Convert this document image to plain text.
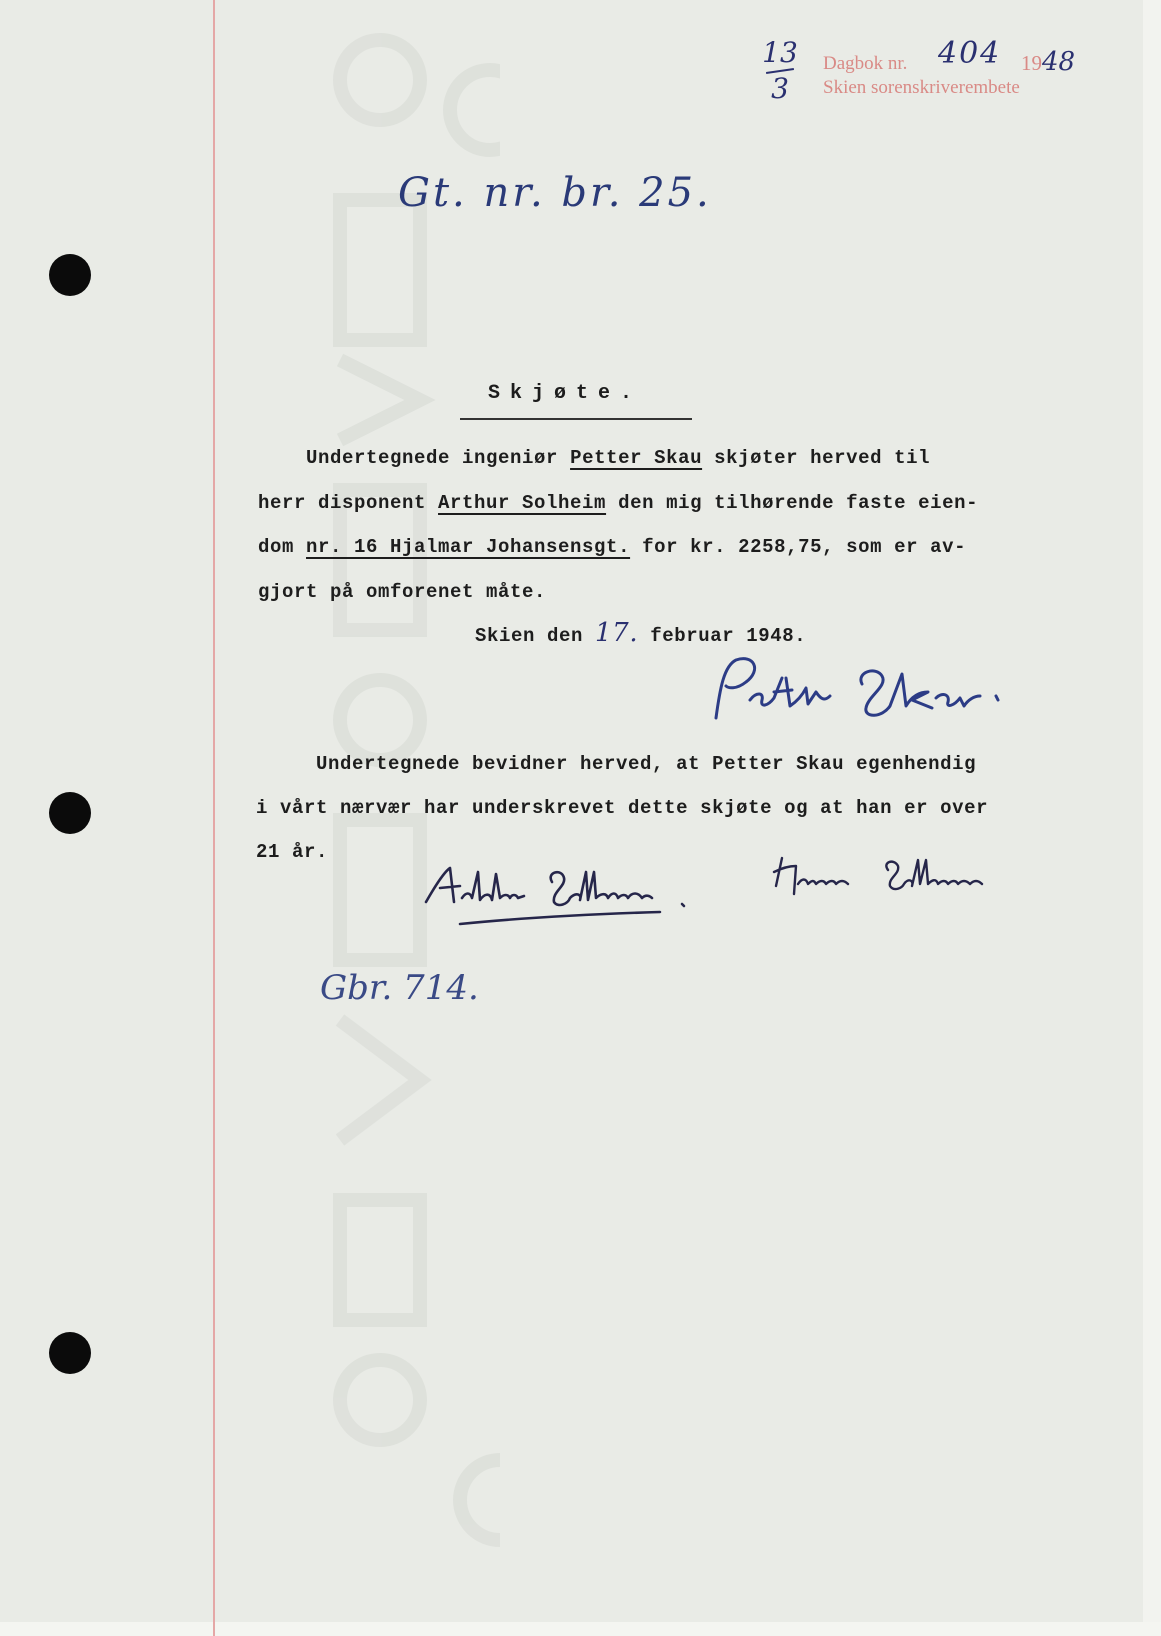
13
3
Dagbok nr.
Skien sorenskriverembete
404 1948
Gt. nr. br. 25.
Skjøte.
Undertegnede ingeniør Petter Skau skjøter herved til
herr disponent Arthur Solheim den mig tilhørende faste eien-
dom nr. 16 Hjalmar Johansensgt. for kr. 2258,75, som er av-
gjort på omforenet måte.
Skien den 17. februar 1948.
Undertegnede bevidner herved, at Petter Skau egenhendig
i vårt nærvær har underskrevet dette skjøte og at han er over
21 år.
Gbr. 714.
